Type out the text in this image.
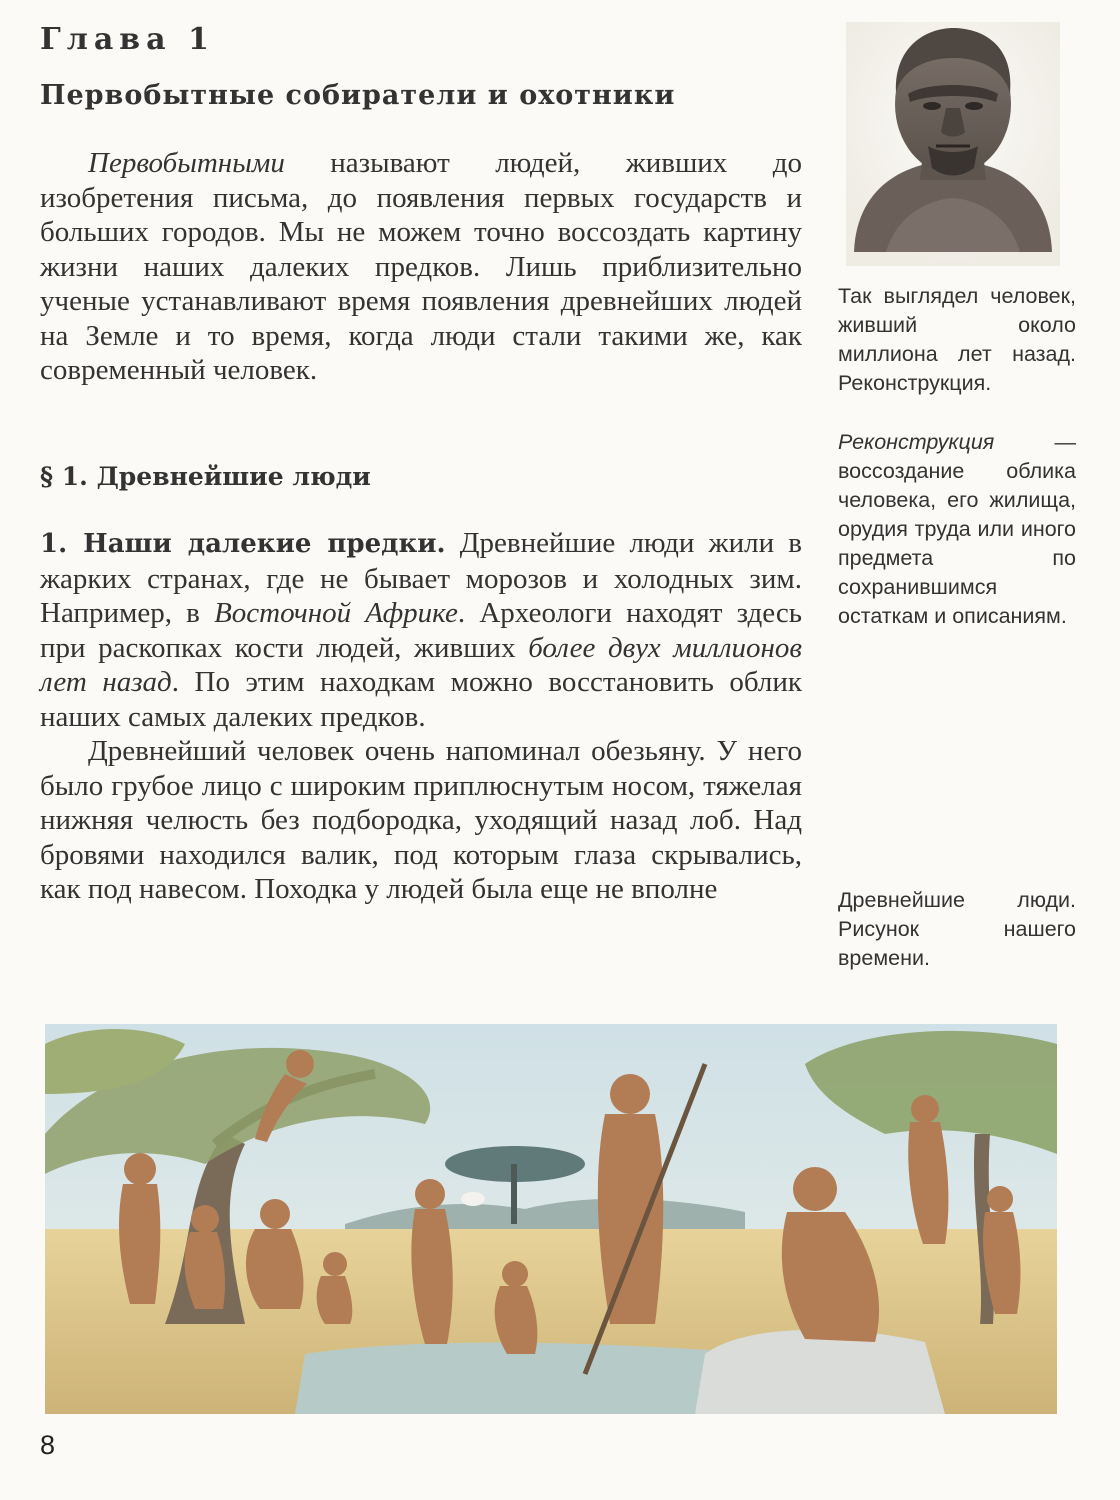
Глава 1
Первобытные собиратели и охотники

Первобытными называют людей, живших до изобретения письма, до появления первых государств и больших городов. Мы не можем точно воссоздать картину жизни наших далеких предков. Лишь приблизительно ученые устанавливают время появления древнейших людей на Земле и то время, когда люди стали такими же, как современный человек.

§ 1. Древнейшие люди

1. Наши далекие предки. Древнейшие люди жили в жарких странах, где не бывает морозов и холодных зим. Например, в Восточной Африке. Археологи находят здесь при раскопках кости людей, живших более двух миллионов лет назад. По этим находкам можно восстановить облик наших самых далеких предков.

Древнейший человек очень напоминал обезьяну. У него было грубое лицо с широким приплюснутым носом, тяжелая нижняя челюсть без подбородка, уходящий назад лоб. Над бровями находился валик, под которым глаза скрывались, как под навесом. Походка у людей была еще не вполне

Так выглядел человек, живший около миллиона лет назад. Реконструкция.
Реконструкция — воссоздание облика человека, его жилища, орудия труда или иного предмета по сохранившимся остаткам и описаниям.
Древнейшие люди. Рисунок нашего времени.
8
